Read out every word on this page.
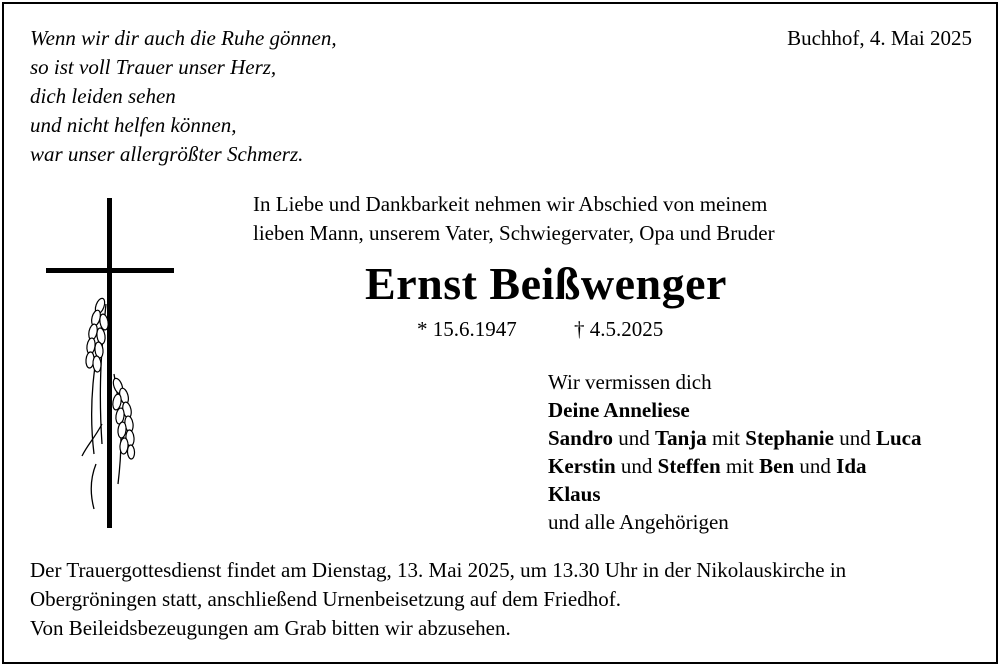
Wenn wir dir auch die Ruhe gönnen,
so ist voll Trauer unser Herz,
dich leiden sehen
und nicht helfen können,
war unser allergrößter Schmerz.
Buchhof, 4. Mai 2025
In Liebe und Dankbarkeit nehmen wir Abschied von meinem
lieben Mann, unserem Vater, Schwiegervater, Opa und Bruder
Ernst Beißwenger
* 15.6.1947	† 4.5.2025
Wir vermissen dich
Deine Anneliese
Sandro und Tanja mit Stephanie und Luca
Kerstin und Steffen mit Ben und Ida
Klaus
und alle Angehörigen
Der Trauergottesdienst findet am Dienstag, 13. Mai 2025, um 13.30 Uhr in der Nikolauskirche in
Obergröningen statt, anschließend Urnenbeisetzung auf dem Friedhof.
Von Beileidsbezeugungen am Grab bitten wir abzusehen.
